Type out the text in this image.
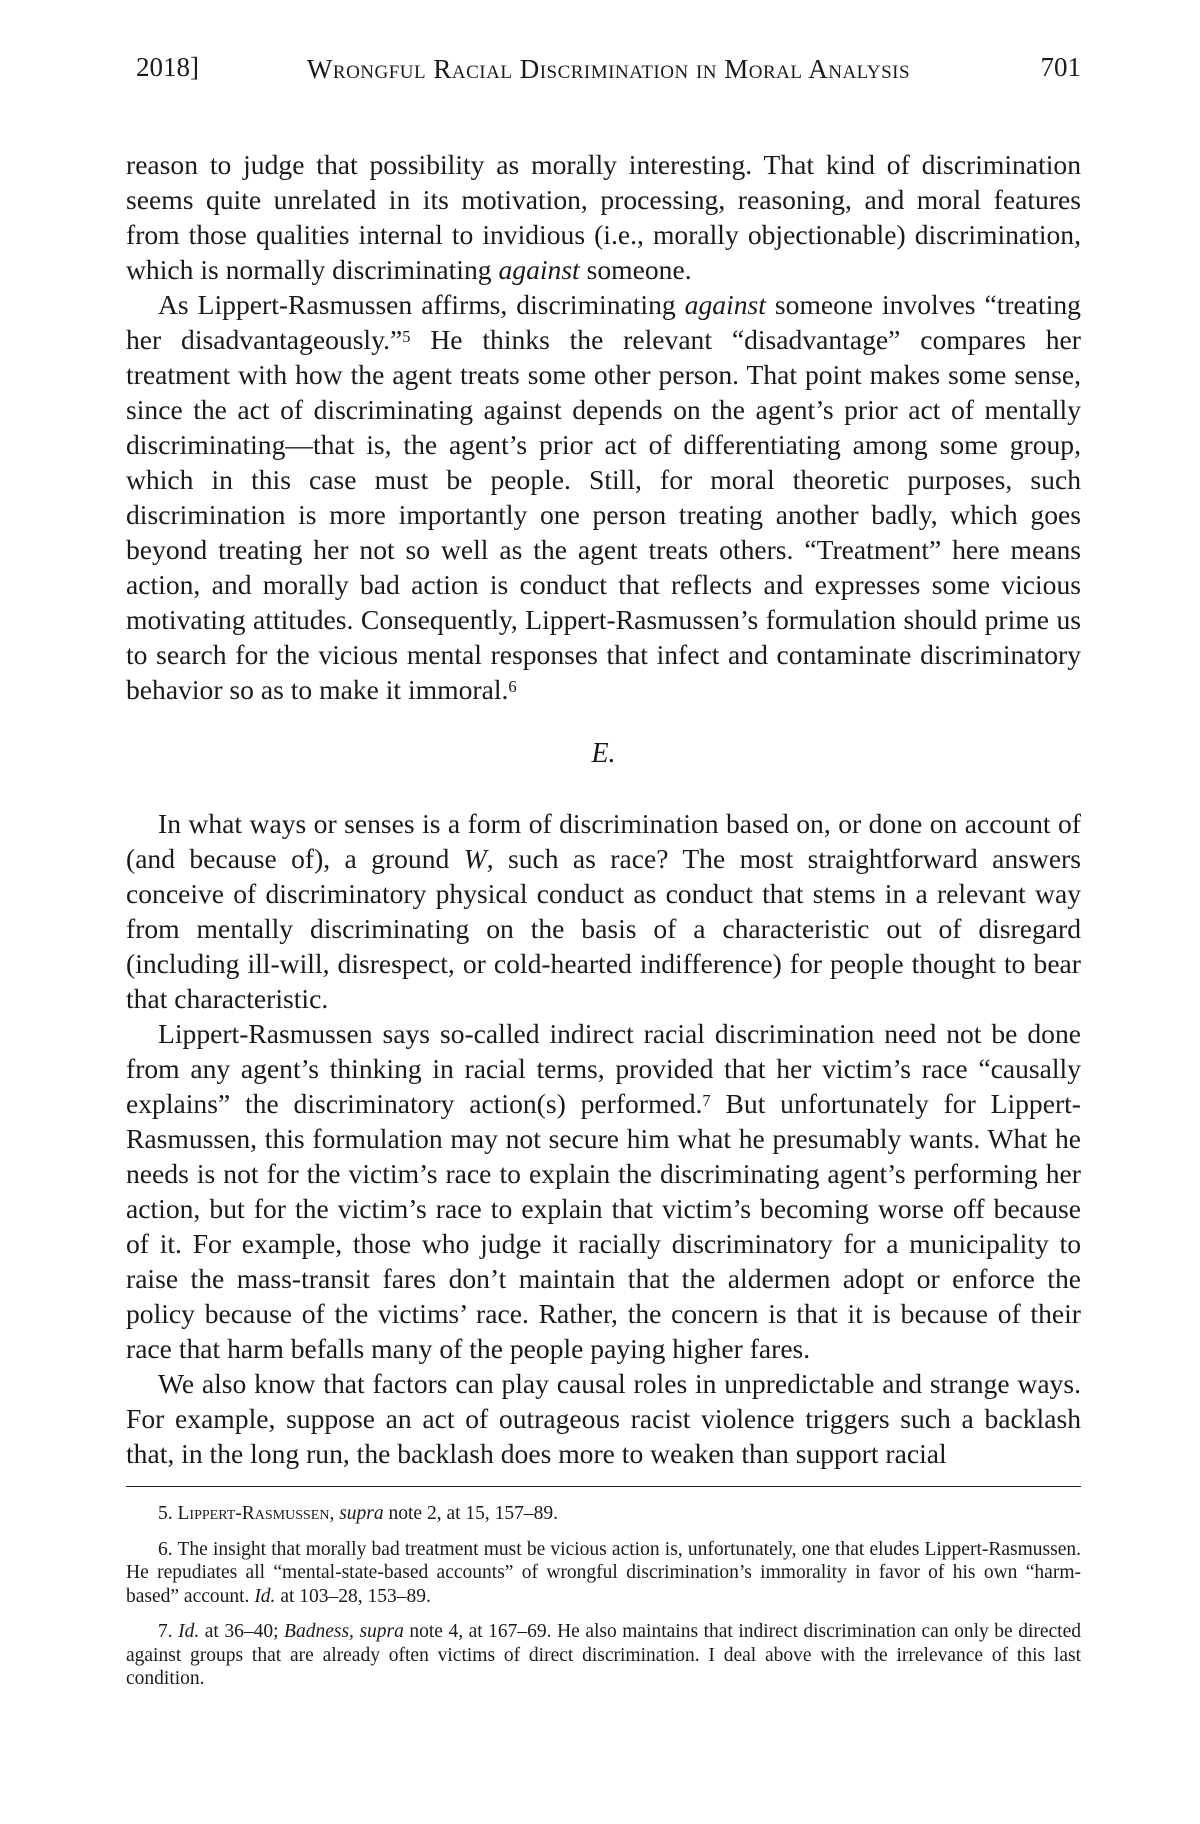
2018]	Wrongful Racial Discrimination in Moral Analysis	701

reason to judge that possibility as morally interesting. That kind of discrimination seems quite unrelated in its motivation, processing, reasoning, and moral features from those qualities internal to invidious (i.e., morally objectionable) discrimination, which is normally discriminating against someone.

As Lippert-Rasmussen affirms, discriminating against someone involves “treating her disadvantageously.”$^5$ He thinks the relevant “disadvantage” compares her treatment with how the agent treats some other person. That point makes some sense, since the act of discriminating against depends on the agent’s prior act of mentally discriminating—that is, the agent’s prior act of differentiating among some group, which in this case must be people. Still, for moral theoretic purposes, such discrimination is more importantly one person treating another badly, which goes beyond treating her not so well as the agent treats others. “Treatment” here means action, and morally bad action is conduct that reflects and expresses some vicious motivating attitudes. Consequently, Lippert-Rasmussen’s formulation should prime us to search for the vicious mental responses that infect and contaminate discriminatory behavior so as to make it immoral.$^6$

E.

In what ways or senses is a form of discrimination based on, or done on account of (and because of), a ground W, such as race? The most straightforward answers conceive of discriminatory physical conduct as conduct that stems in a relevant way from mentally discriminating on the basis of a characteristic out of disregard (including ill-will, disrespect, or cold-hearted indifference) for people thought to bear that characteristic.

Lippert-Rasmussen says so-called indirect racial discrimination need not be done from any agent’s thinking in racial terms, provided that her victim’s race “causally explains” the discriminatory action(s) performed.$^7$ But unfortunately for Lippert-Rasmussen, this formulation may not secure him what he presumably wants. What he needs is not for the victim’s race to explain the discriminating agent’s performing her action, but for the victim’s race to explain that victim’s becoming worse off because of it. For example, those who judge it racially discriminatory for a municipality to raise the mass-transit fares don’t maintain that the aldermen adopt or enforce the policy because of the victims’ race. Rather, the concern is that it is because of their race that harm befalls many of the people paying higher fares.

We also know that factors can play causal roles in unpredictable and strange ways. For example, suppose an act of outrageous racist violence triggers such a backlash that, in the long run, the backlash does more to weaken than support racial

5. Lippert-Rasmussen, supra note 2, at 15, 157–89.

6. The insight that morally bad treatment must be vicious action is, unfortunately, one that eludes Lippert-Rasmussen. He repudiates all “mental-state-based accounts” of wrongful discrimination’s immorality in favor of his own “harm-based” account. Id. at 103–28, 153–89.

7. Id. at 36–40; Badness, supra note 4, at 167–69. He also maintains that indirect discrimination can only be directed against groups that are already often victims of direct discrimination. I deal above with the irrelevance of this last condition.
